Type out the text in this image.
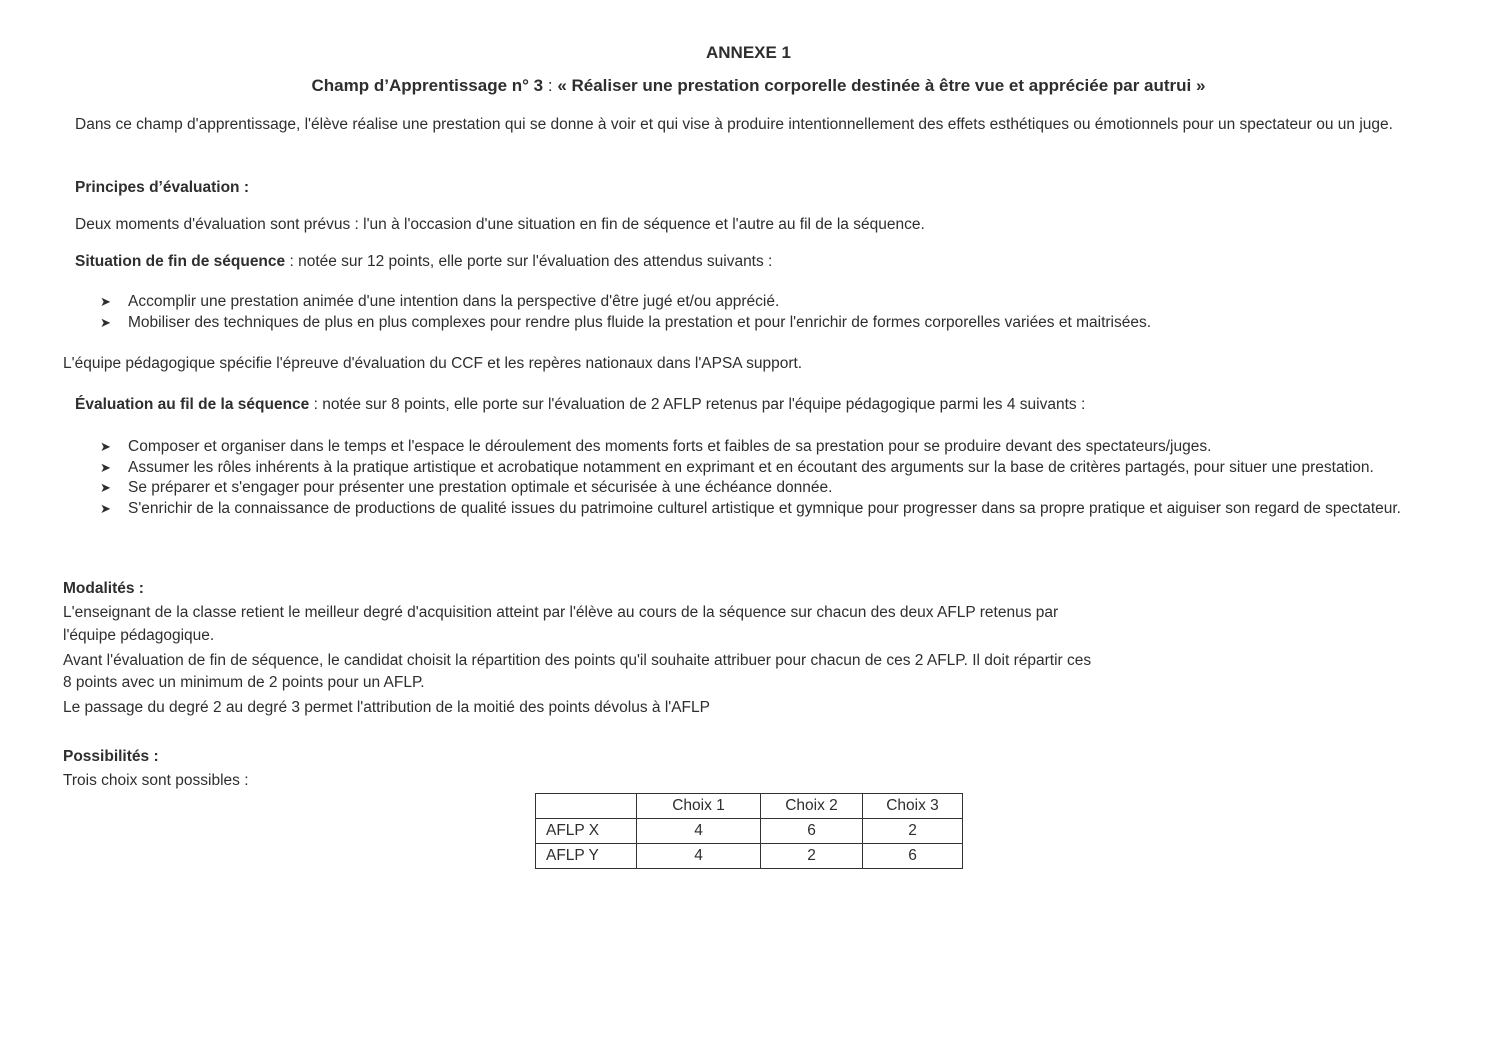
ANNEXE 1
Champ d’Apprentissage n° 3 : « Réaliser une prestation corporelle destinée à être vue et appréciée par autrui »
Dans ce champ d'apprentissage, l'élève réalise une prestation qui se donne à voir et qui vise à produire intentionnellement des effets esthétiques ou émotionnels pour un spectateur ou un juge.
Principes d’évaluation :
Deux moments d'évaluation sont prévus : l'un à l'occasion d'une situation en fin de séquence et l'autre au fil de la séquence.
Situation de fin de séquence : notée sur 12 points, elle porte sur l'évaluation des attendus suivants :
➤ Accomplir une prestation animée d'une intention dans la perspective d'être jugé et/ou apprécié.
➤ Mobiliser des techniques de plus en plus complexes pour rendre plus fluide la prestation et pour l'enrichir de formes corporelles variées et maitrisées.
L'équipe pédagogique spécifie l'épreuve d'évaluation du CCF et les repères nationaux dans l'APSA support.
Évaluation au fil de la séquence : notée sur 8 points, elle porte sur l'évaluation de 2 AFLP retenus par l'équipe pédagogique parmi les 4 suivants :
➤ Composer et organiser dans le temps et l'espace le déroulement des moments forts et faibles de sa prestation pour se produire devant des spectateurs/juges.
➤ Assumer les rôles inhérents à la pratique artistique et acrobatique notamment en exprimant et en écoutant des arguments sur la base de critères partagés, pour situer une prestation.
➤ Se préparer et s'engager pour présenter une prestation optimale et sécurisée à une échéance donnée.
➤ S'enrichir de la connaissance de productions de qualité issues du patrimoine culturel artistique et gymnique pour progresser dans sa propre pratique et aiguiser son regard de spectateur.
Modalités :
L'enseignant de la classe retient le meilleur degré d'acquisition atteint par l'élève au cours de la séquence sur chacun des deux AFLP retenus par
l'équipe pédagogique.
Avant l'évaluation de fin de séquence, le candidat choisit la répartition des points qu'il souhaite attribuer pour chacun de ces 2 AFLP. Il doit répartir ces
8 points avec un minimum de 2 points pour un AFLP.
Le passage du degré 2 au degré 3 permet l'attribution de la moitié des points dévolus à l'AFLP
Possibilités :
Trois choix sont possibles :
	Choix 1	Choix 2	Choix 3
AFLP X	4	6	2
AFLP Y	4	2	6
